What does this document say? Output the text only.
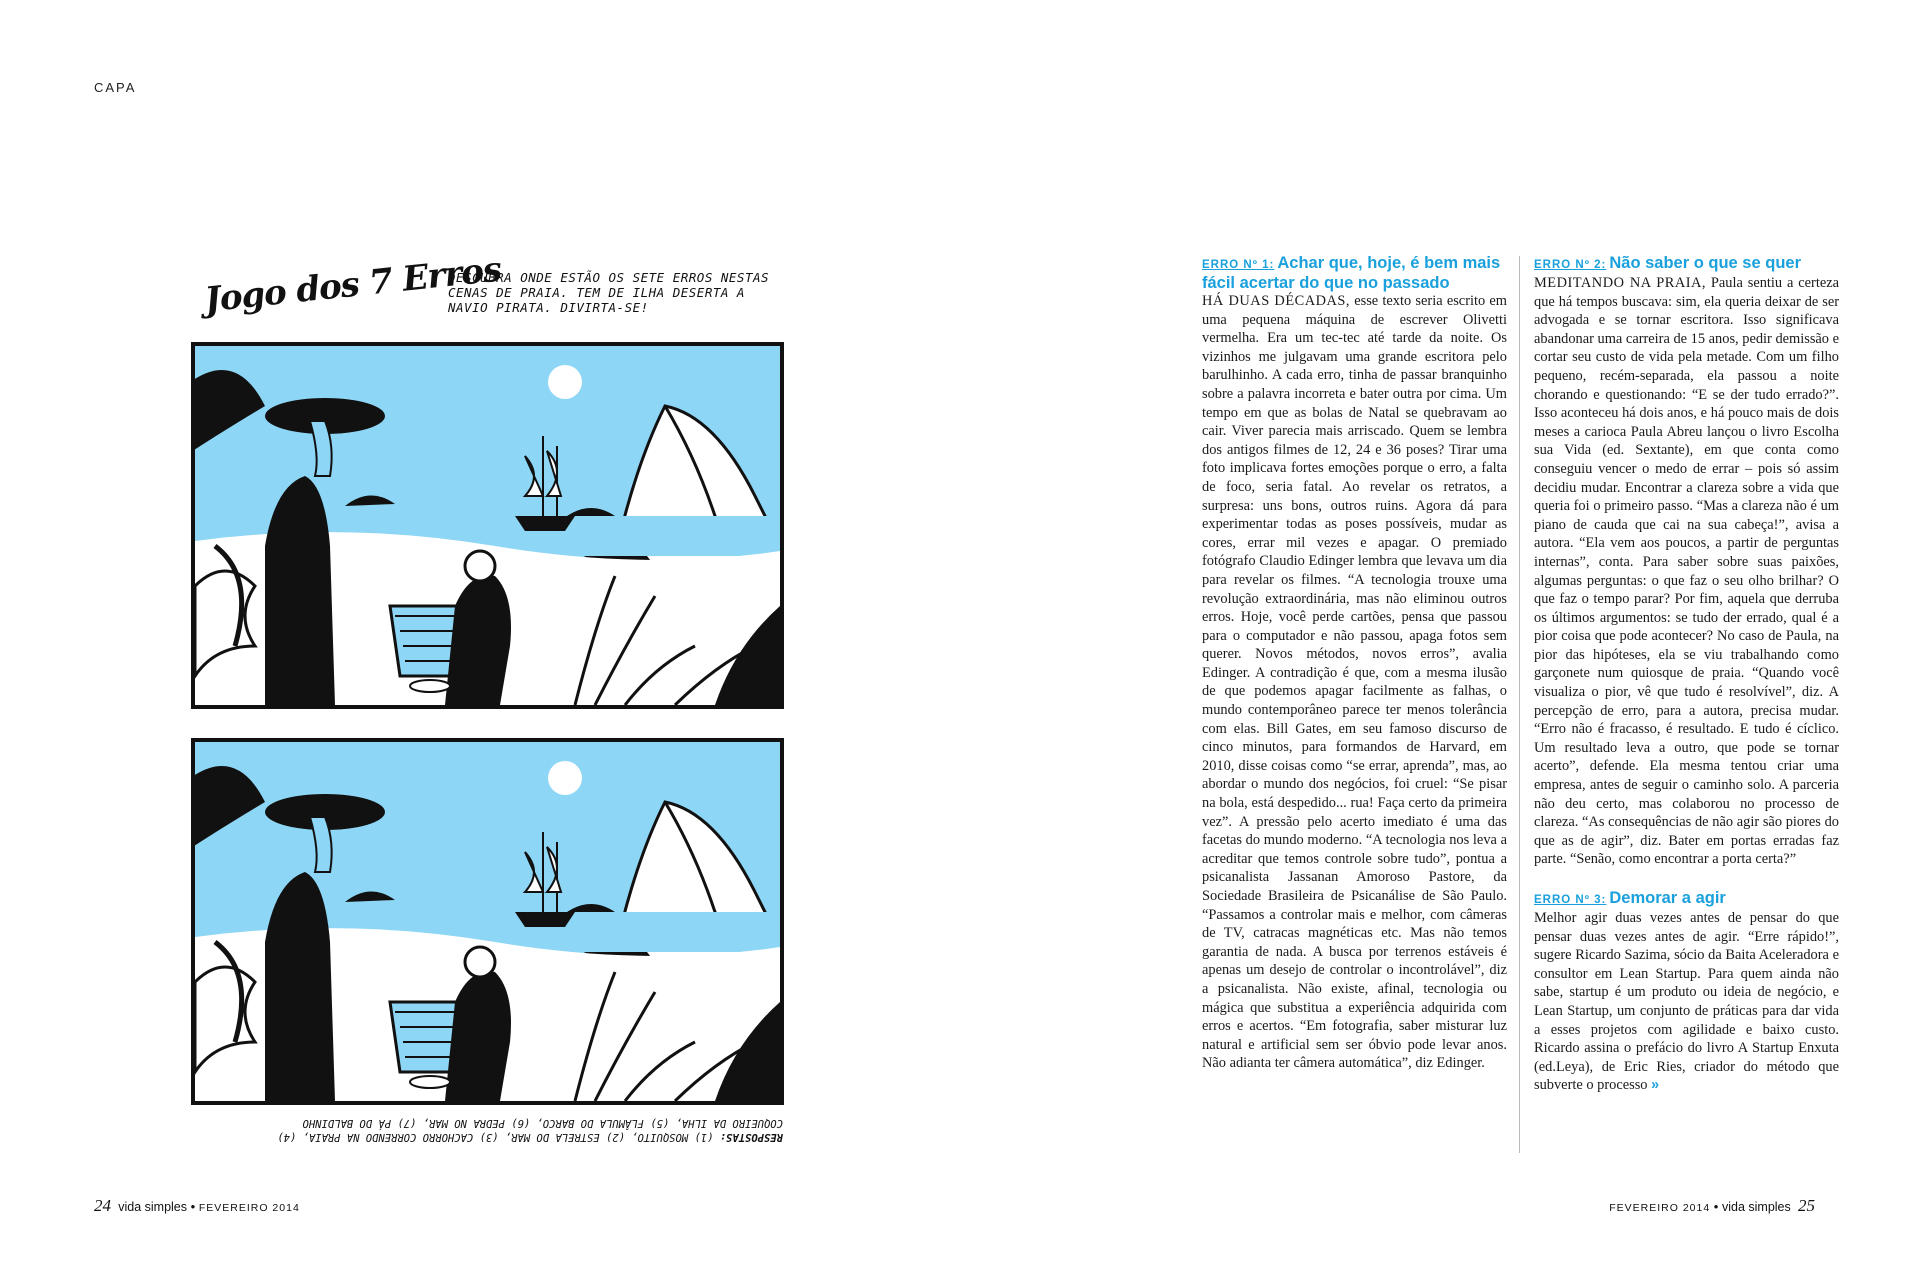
CAPA
Jogo dos 7 Erros
DESCUBRA ONDE ESTÃO OS SETE ERROS NESTAS CENAS DE PRAIA. TEM DE ILHA DESERTA A NAVIO PIRATA. DIVIRTA-SE!
RESPOSTAS: (1) MOSQUITO, (2) ESTRELA DO MAR, (3) CACHORRO CORRENDO NA PRAIA, (4) COQUEIRO DA ILHA, (5) FLÂMULA DO BARCO, (6) PEDRA NO MAR, (7) PÁ DO BALDINHO
ERRO Nº 1: Achar que, hoje, é bem mais fácil acertar do que no passado

HÁ DUAS DÉCADAS, esse texto seria escrito em uma pequena máquina de escrever Olivetti vermelha. Era um tec-tec até tarde da noite. Os vizinhos me julgavam uma grande escritora pelo barulhinho. A cada erro, tinha de passar branquinho sobre a palavra incorreta e bater outra por cima. Um tempo em que as bolas de Natal se quebravam ao cair. Viver parecia mais arriscado. Quem se lembra dos antigos filmes de 12, 24 e 36 poses? Tirar uma foto implicava fortes emoções porque o erro, a falta de foco, seria fatal. Ao revelar os retratos, a surpresa: uns bons, outros ruins. Agora dá para experimentar todas as poses possíveis, mudar as cores, errar mil vezes e apagar. O premiado fotógrafo Claudio Edinger lembra que levava um dia para revelar os filmes. “A tecnologia trouxe uma revolução extraordinária, mas não eliminou outros erros. Hoje, você perde cartões, pensa que passou para o computador e não passou, apaga fotos sem querer. Novos métodos, novos erros”, avalia Edinger. A contradição é que, com a mesma ilusão de que podemos apagar facilmente as falhas, o mundo contemporâneo parece ter menos tolerância com elas. Bill Gates, em seu famoso discurso de cinco minutos, para formandos de Harvard, em 2010, disse coisas como “se errar, aprenda”, mas, ao abordar o mundo dos negócios, foi cruel: “Se pisar na bola, está despedido... rua! Faça certo da primeira vez”. A pressão pelo acerto imediato é uma das facetas do mundo moderno. “A tecnologia nos leva a acreditar que temos controle sobre tudo”, pontua a psicanalista Jassanan Amoroso Pastore, da Sociedade Brasileira de Psicanálise de São Paulo. “Passamos a controlar mais e melhor, com câmeras de TV, catracas magnéticas etc. Mas não temos garantia de nada. A busca por terrenos estáveis é apenas um desejo de controlar o incontrolável”, diz a psicanalista. Não existe, afinal, tecnologia ou mágica que substitua a experiência adquirida com erros e acertos. “Em fotografia, saber misturar luz natural e artificial sem ser óbvio pode levar anos. Não adianta ter câmera automática”, diz Edinger.

ERRO Nº 2: Não saber o que se quer

MEDITANDO NA PRAIA, Paula sentiu a certeza que há tempos buscava: sim, ela queria deixar de ser advogada e se tornar escritora. Isso significava abandonar uma carreira de 15 anos, pedir demissão e cortar seu custo de vida pela metade. Com um filho pequeno, recém-separada, ela passou a noite chorando e questionando: “E se der tudo errado?”. Isso aconteceu há dois anos, e há pouco mais de dois meses a carioca Paula Abreu lançou o livro Escolha sua Vida (ed. Sextante), em que conta como conseguiu vencer o medo de errar – pois só assim decidiu mudar. Encontrar a clareza sobre a vida que queria foi o primeiro passo. “Mas a clareza não é um piano de cauda que cai na sua cabeça!”, avisa a autora. “Ela vem aos poucos, a partir de perguntas internas”, conta. Para saber sobre suas paixões, algumas perguntas: o que faz o seu olho brilhar? O que faz o tempo parar? Por fim, aquela que derruba os últimos argumentos: se tudo der errado, qual é a pior coisa que pode acontecer? No caso de Paula, na pior das hipóteses, ela se viu trabalhando como garçonete num quiosque de praia. “Quando você visualiza o pior, vê que tudo é resolvível”, diz. A percepção de erro, para a autora, precisa mudar. “Erro não é fracasso, é resultado. E tudo é cíclico. Um resultado leva a outro, que pode se tornar acerto”, defende. Ela mesma tentou criar uma empresa, antes de seguir o caminho solo. A parceria não deu certo, mas colaborou no processo de clareza. “As consequências de não agir são piores do que as de agir”, diz. Bater em portas erradas faz parte. “Senão, como encontrar a porta certa?”

ERRO Nº 3: Demorar a agir

Melhor agir duas vezes antes de pensar do que pensar duas vezes antes de agir. “Erre rápido!”, sugere Ricardo Sazima, sócio da Baita Aceleradora e consultor em Lean Startup. Para quem ainda não sabe, startup é um produto ou ideia de negócio, e Lean Startup, um conjunto de práticas para dar vida a esses projetos com agilidade e baixo custo. Ricardo assina o prefácio do livro A Startup Enxuta (ed.Leya), de Eric Ries, criador do método que subverte o processo »

24 vida simples • FEVEREIRO 2014	FEVEREIRO 2014 • vida simples 25
